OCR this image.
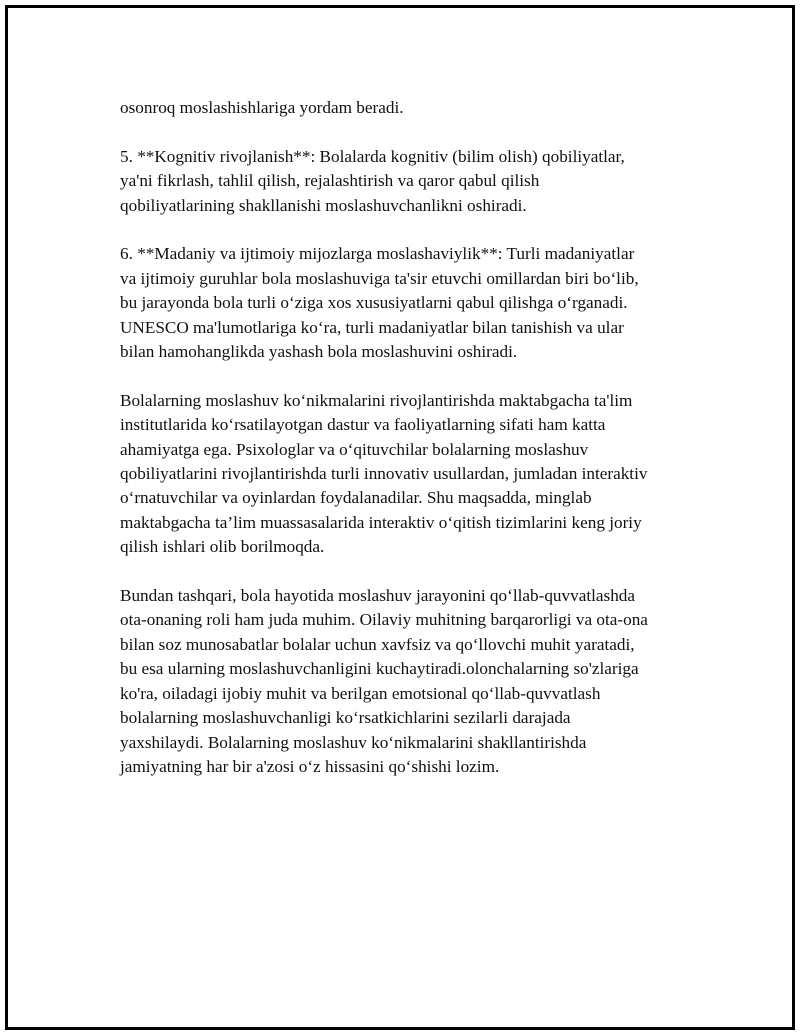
osonroq moslashishlariga yordam beradi.

5. **Kognitiv rivojlanish**: Bolalarda kognitiv (bilim olish) qobiliyatlar,
ya'ni fikrlash, tahlil qilish, rejalashtirish va qaror qabul qilish
qobiliyatlarining shakllanishi moslashuvchanlikni oshiradi.

6. **Madaniy va ijtimoiy mijozlarga moslashaviylik**: Turli madaniyatlar
va ijtimoiy guruhlar bola moslashuviga ta'sir etuvchi omillardan biri bo‘lib,
bu jarayonda bola turli o‘ziga xos xususiyatlarni qabul qilishga o‘rganadi.
UNESCO ma'lumotlariga ko‘ra, turli madaniyatlar bilan tanishish va ular
bilan hamohanglikda yashash bola moslashuvini oshiradi.

Bolalarning moslashuv ko‘nikmalarini rivojlantirishda maktabgacha ta'lim
institutlarida ko‘rsatilayotgan dastur va faoliyatlarning sifati ham katta
ahamiyatga ega. Psixologlar va o‘qituvchilar bolalarning moslashuv
qobiliyatlarini rivojlantirishda turli innovativ usullardan, jumladan interaktiv
o‘rnatuvchilar va oyinlardan foydalanadilar. Shu maqsadda, minglab
maktabgacha ta’lim muassasalarida interaktiv o‘qitish tizimlarini keng joriy
qilish ishlari olib borilmoqda.

Bundan tashqari, bola hayotida moslashuv jarayonini qo‘llab-quvvatlashda
ota-onaning roli ham juda muhim. Oilaviy muhitning barqarorligi va ota-ona
bilan soz munosabatlar bolalar uchun xavfsiz va qo‘llovchi muhit yaratadi,
bu esa ularning moslashuvchanligini kuchaytiradi.olonchalarning so'zlariga
ko'ra, oiladagi ijobiy muhit va berilgan emotsional qo‘llab-quvvatlash
bolalarning moslashuvchanligi ko‘rsatkichlarini sezilarli darajada
yaxshilaydi. Bolalarning moslashuv ko‘nikmalarini shakllantirishda
jamiyatning har bir a'zosi o‘z hissasini qo‘shishi lozim.
